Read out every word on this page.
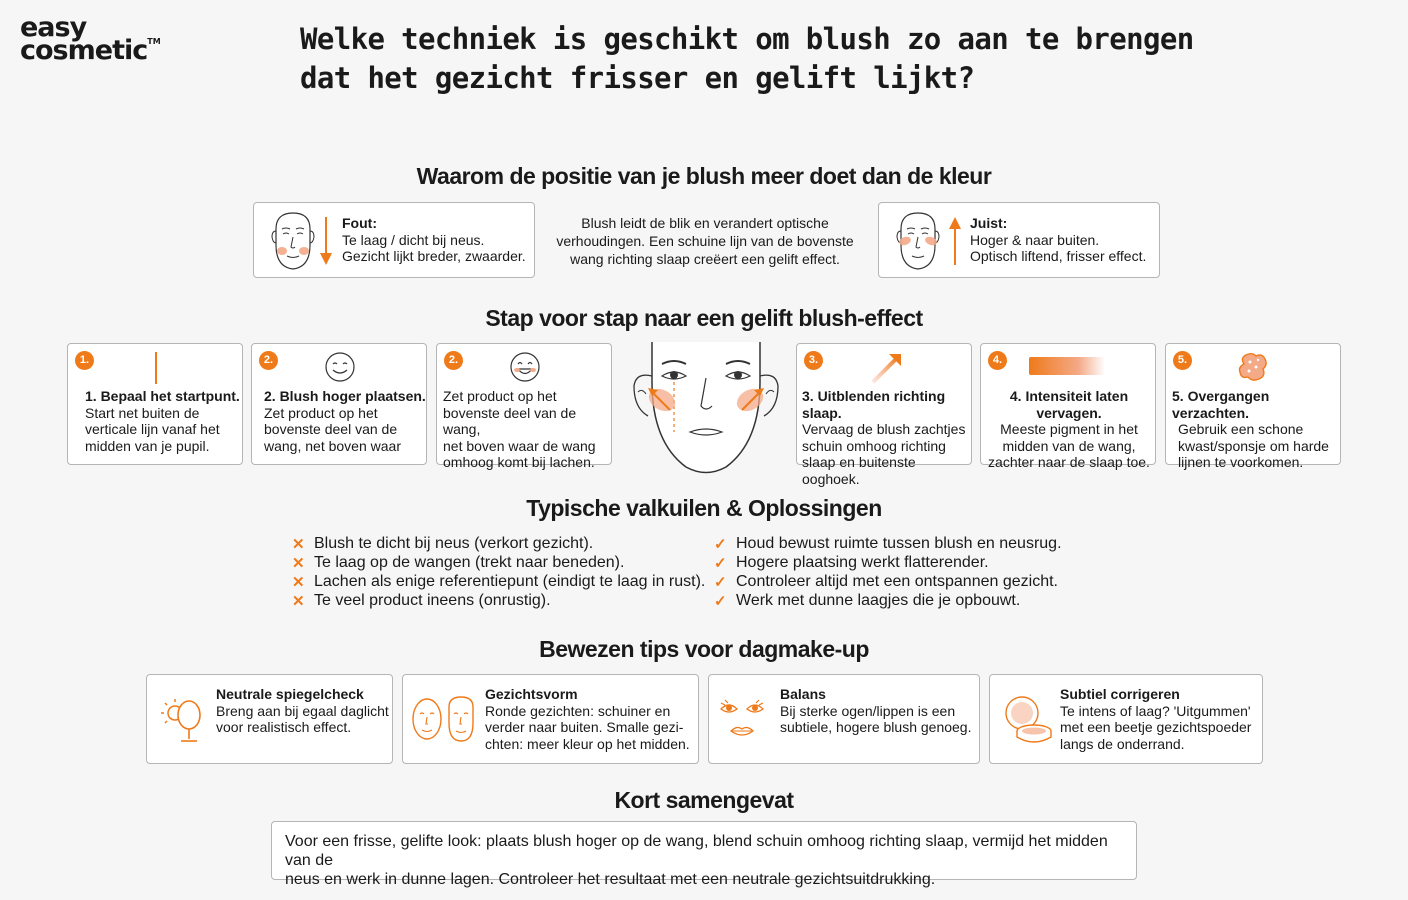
easy
cosmetic™	Welke techniek is geschikt om blush zo aan te brengen dat het gezicht frisser en gelift lijkt?
Waarom de positie van je blush meer doet dan de kleur
Fout:
Te laag / dicht bij neus.
Gezicht lijkt breder, zwaarder.
Blush leidt de blik en verandert optische
verhoudingen. Een schuine lijn van de bovenste
wang richting slaap creëert een gelift effect.
Juist:
Hoger & naar buiten.
Optisch liftend, frisser effect.
Stap voor stap naar een gelift blush-effect
1.
1. Bepaal het startpunt.
Start net buiten de
verticale lijn vanaf het
midden van je pupil.
2.
2. Blush hoger plaatsen.
Zet product op het
bovenste deel van de
wang, net boven waar
2.
Zet product op het
bovenste deel van de wang,
net boven waar de wang
omhoog komt bij lachen.
3.
3. Uitblenden richting slaap.
Vervaag de blush zachtjes
schuin omhoog richting
slaap en buitenste ooghoek.
4.
4. Intensiteit laten vervagen.
Meeste pigment in het
midden van de wang,
zachter naar de slaap toe.
5.
5. Overgangen verzachten.
Gebruik een schone
kwast/sponsje om harde
lijnen te voorkomen.
Typische valkuilen & Oplossingen
✕ Blush te dicht bij neus (verkort gezicht).
✕ Te laag op de wangen (trekt naar beneden).
✕ Lachen als enige referentiepunt (eindigt te laag in rust).
✕ Te veel product ineens (onrustig).
✓ Houd bewust ruimte tussen blush en neusrug.
✓ Hogere plaatsing werkt flatterender.
✓ Controleer altijd met een ontspannen gezicht.
✓ Werk met dunne laagjes die je opbouwt.
Bewezen tips voor dagmake-up
Neutrale spiegelcheck
Breng aan bij egaal daglicht
voor realistisch effect.
Gezichtsvorm
Ronde gezichten: schuiner en
verder naar buiten. Smalle gezi-
chten: meer kleur op het midden.
Balans
Bij sterke ogen/lippen is een
subtiele, hogere blush genoeg.
Subtiel corrigeren
Te intens of laag? 'Uitgummen'
met een beetje gezichtspoeder
langs de onderrand.
Kort samengevat
Voor een frisse, gelifte look: plaats blush hoger op de wang, blend schuin omhoog richting slaap, vermijd het midden van de
neus en werk in dunne lagen. Controleer het resultaat met een neutrale gezichtsuitdrukking.
